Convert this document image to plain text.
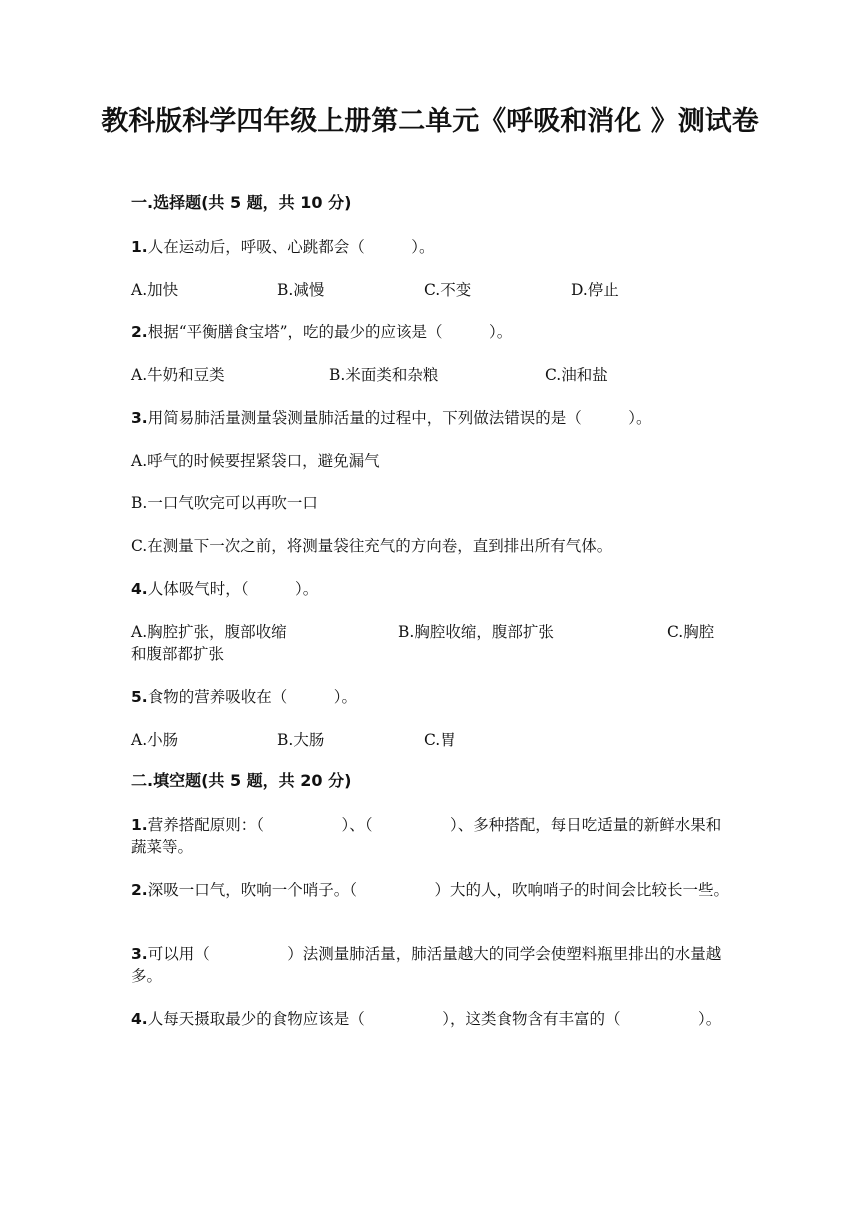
教科版科学四年级上册第二单元《呼吸和消化 》测试卷
一.选择题(共 5 题，共 10 分)
1.人在运动后，呼吸、心跳都会（　　　）。
A.加快	B.减慢	C.不变	D.停止
2.根据“平衡膳食宝塔”，吃的最少的应该是（　　　）。
A.牛奶和豆类	B.米面类和杂粮	C.油和盐
3.用简易肺活量测量袋测量肺活量的过程中，下列做法错误的是（　　　）。
A.呼气的时候要捏紧袋口，避免漏气
B.一口气吹完可以再吹一口
C.在测量下一次之前，将测量袋往充气的方向卷，直到排出所有气体。
4.人体吸气时，（　　　）。
A.胸腔扩张，腹部收缩	B.胸腔收缩，腹部扩张	C.胸腔
和腹部都扩张
5.食物的营养吸收在（　　　）。
A.小肠	B.大肠	C.胃
二.填空题(共 5 题，共 20 分)
1.营养搭配原则：（　　　　　）、（　　　　　）、多种搭配，每日吃适量的新鲜水果和蔬菜等。
2.深吸一口气，吹响一个哨子。（　　　　　）大的人，吹响哨子的时间会比较长一些。
3.可以用（　　　　　）法测量肺活量，肺活量越大的同学会使塑料瓶里排出的水量越多。
4.人每天摄取最少的食物应该是（　　　　　），这类食物含有丰富的（　　　　　）。
